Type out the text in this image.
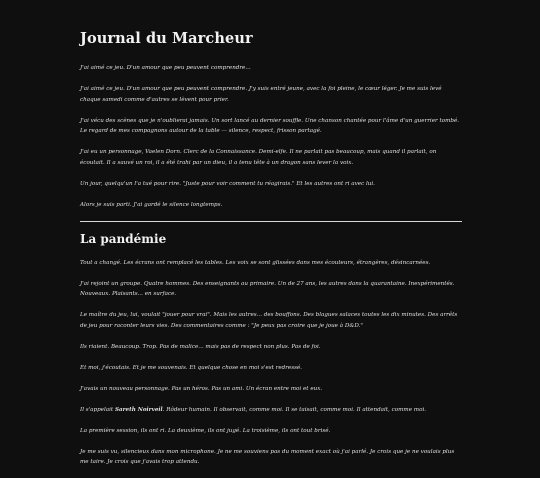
Journal du Marcheur

J'ai aimé ce jeu. D'un amour que peu peuvent comprendre...

J'ai aimé ce jeu. D'un amour que peu peuvent comprendre. J'y suis entré jeune, avec la foi pleine, le cœur léger. Je me suis levé chaque samedi comme d'autres se lèvent pour prier.

J'ai vécu des scènes que je n'oublierai jamais. Un sort lancé au dernier souffle. Une chanson chantée pour l'âme d'un guerrier tombé. Le regard de mes compagnons autour de la table — silence, respect, frisson partagé.

J'ai eu un personnage, Vaelen Dorn. Clerc de la Connaissance. Demi-elfe. Il ne parlait pas beaucoup, mais quand il parlait, on écoutait. Il a sauvé un roi, il a été trahi par un dieu, il a tenu tête à un dragon sans lever la voix.

Un jour, quelqu'un l'a tué pour rire. "Juste pour voir comment tu réagirais." Et les autres ont ri avec lui.

Alors je suis parti. J'ai gardé le silence longtemps.

La pandémie

Tout a changé. Les écrans ont remplacé les tables. Les voix se sont glissées dans mes écouteurs, étrangères, désincarnées.

J'ai rejoint un groupe. Quatre hommes. Des enseignants au primaire. Un de 27 ans, les autres dans la quarantaine. Inexpérimentés. Nouveaux. Plaisants... en surface.

Le maître du jeu, lui, voulait "jouer pour vrai". Mais les autres... des bouffons. Des blagues salaces toutes les dix minutes. Des arrêts de jeu pour raconter leurs vies. Des commentaires comme : "Je peux pas croire que je joue à D&D."

Ils riaient. Beaucoup. Trop. Pas de malice... mais pas de respect non plus. Pas de foi.

Et moi, j'écoutais. Et je me souvenais. Et quelque chose en moi s'est redressé.

J'avais un nouveau personnage. Pas un héros. Pas un ami. Un écran entre moi et eux.

Il s'appelait Sareth Noirveil. Rôdeur humain. Il observait, comme moi. Il se taisait, comme moi. Il attendait, comme moi.

La première session, ils ont ri. La deuxième, ils ont jugé. La troisième, ils ont tout brisé.

Je me suis vu, silencieux dans mon microphone. Je ne me souviens pas du moment exact où j'ai parlé. Je crois que je ne voulais plus me taire. Je crois que j'avais trop attendu.
